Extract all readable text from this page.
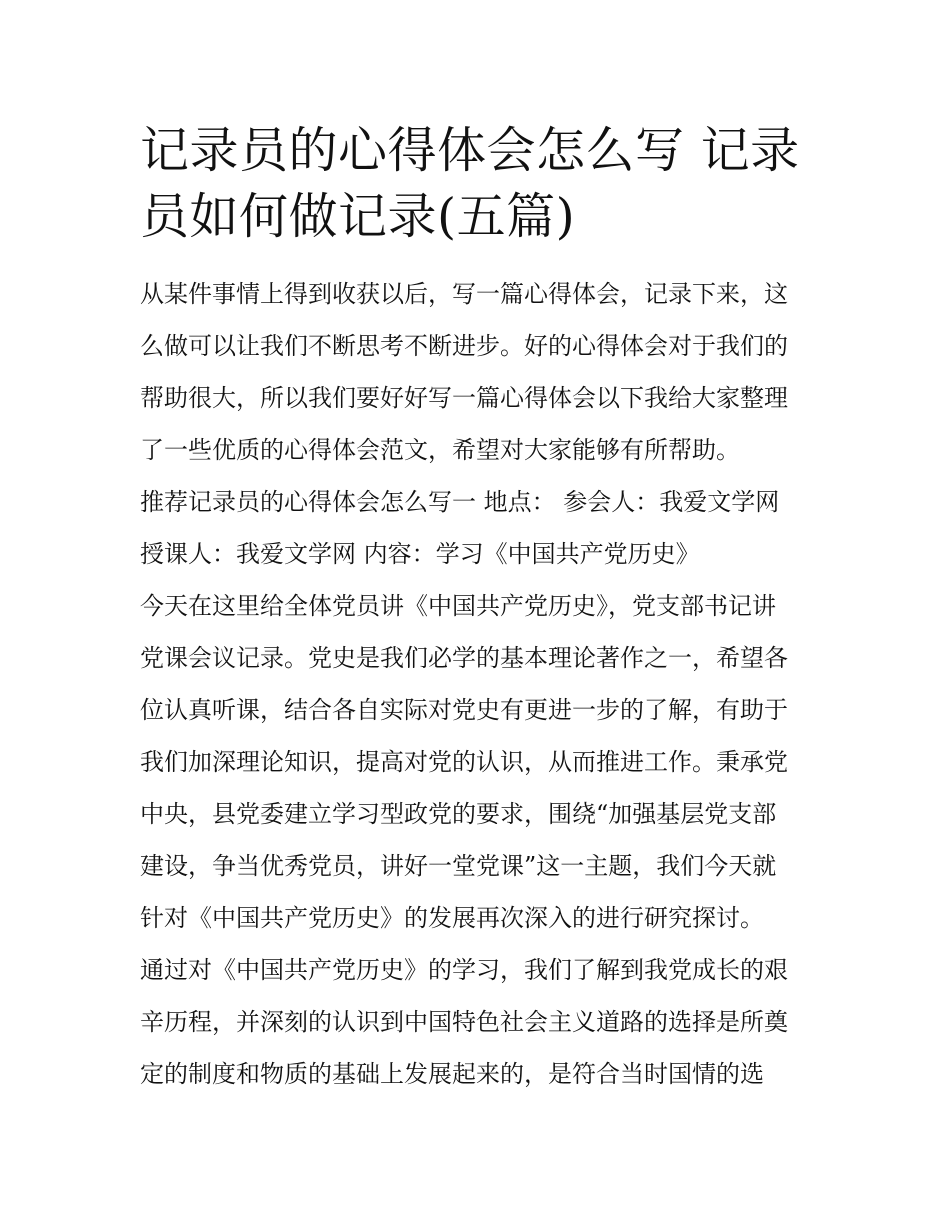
记录员的心得体会怎么写 记录
员如何做记录(五篇)
从某件事情上得到收获以后，写一篇心得体会，记录下来，这
么做可以让我们不断思考不断进步。好的心得体会对于我们的
帮助很大，所以我们要好好写一篇心得体会以下我给大家整理
了一些优质的心得体会范文，希望对大家能够有所帮助。
推荐记录员的心得体会怎么写一 地点： 参会人：我爱文学网
授课人：我爱文学网 内容：学习《中国共产党历史》
今天在这里给全体党员讲《中国共产党历史》，党支部书记讲
党课会议记录。党史是我们必学的基本理论著作之一，希望各
位认真听课，结合各自实际对党史有更进一步的了解，有助于
我们加深理论知识，提高对党的认识，从而推进工作。秉承党
中央，县党委建立学习型政党的要求，围绕“加强基层党支部
建设，争当优秀党员，讲好一堂党课”这一主题，我们今天就
针对《中国共产党历史》的发展再次深入的进行研究探讨。
通过对《中国共产党历史》的学习，我们了解到我党成长的艰
辛历程，并深刻的认识到中国特色社会主义道路的选择是所奠
定的制度和物质的基础上发展起来的，是符合当时国情的选
